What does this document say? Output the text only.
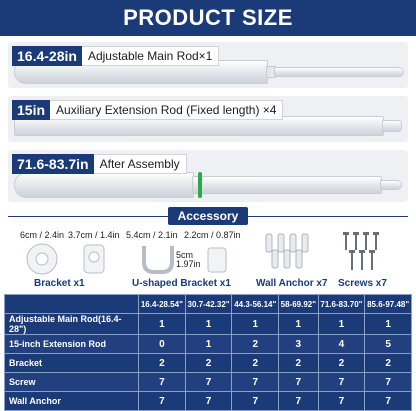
PRODUCT SIZE
16.4-28in Adjustable Main Rod×1
15in Auxiliary Extension Rod (Fixed length) ×4
71.6-83.7in After Assembly
Accessory
6cm / 2.4in 3.7cm / 1.4in
Bracket x1
5.4cm / 2.1in 2.2cm / 0.87in
5cm
1.97in
U-shaped Bracket x1	Wall Anchor x7 Screws x7
	16.4-28.54"	30.7-42.32"	44.3-56.14"	58-69.92"	71.6-83.70"	85.6-97.48"
Adjustable Main Rod(16.4-28")	1	1	1	1	1	1
15-inch Extension Rod	0	1	2	3	4	5
Bracket	2	2	2	2	2	2
Screw	7	7	7	7	7	7
Wall Anchor	7	7	7	7	7	7
